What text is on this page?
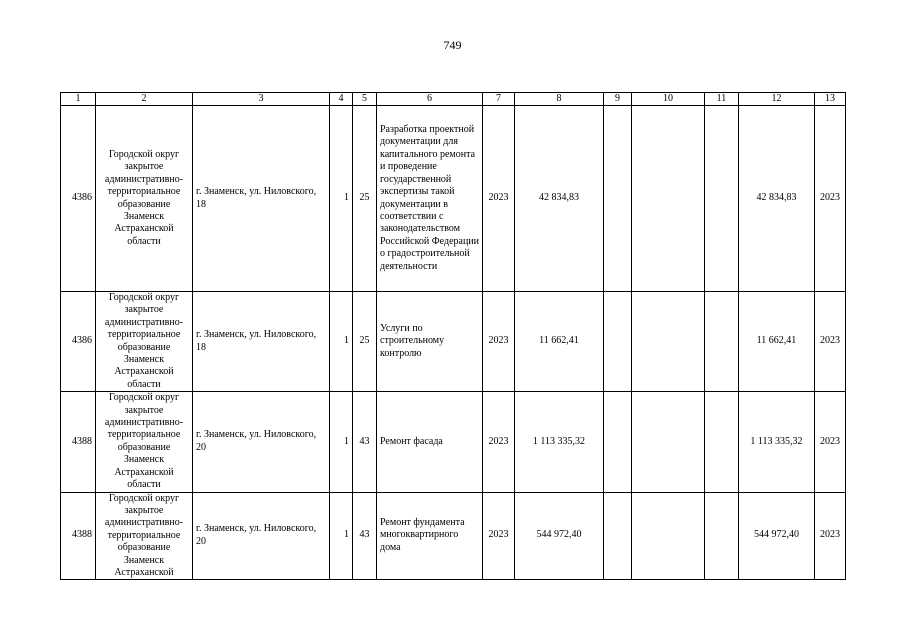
749
1	2	3	4	5	6	7	8	9	10	11	12	13
4386	Городской округ закрытое административно-территориальное образование Знаменск Астраханской области	г. Знаменск, ул. Ниловского, 18	1	25	Разработка проектной документации для капитального ремонта и проведение государственной экспертизы такой документации в соответствии с законодательством Российской Федерации о градостроительной деятельности	2023	42 834,83				42 834,83	2023
4386	Городской округ закрытое административно-территориальное образование Знаменск Астраханской области	г. Знаменск, ул. Ниловского, 18	1	25	Услуги по строительному контролю	2023	11 662,41				11 662,41	2023
4388	Городской округ закрытое административно-территориальное образование Знаменск Астраханской области	г. Знаменск, ул. Ниловского, 20	1	43	Ремонт фасада	2023	1 113 335,32				1 113 335,32	2023
4388	Городской округ закрытое административно-территориальное образование Знаменск Астраханской	г. Знаменск, ул. Ниловского, 20	1	43	Ремонт фундамента многоквартирного дома	2023	544 972,40				544 972,40	2023
